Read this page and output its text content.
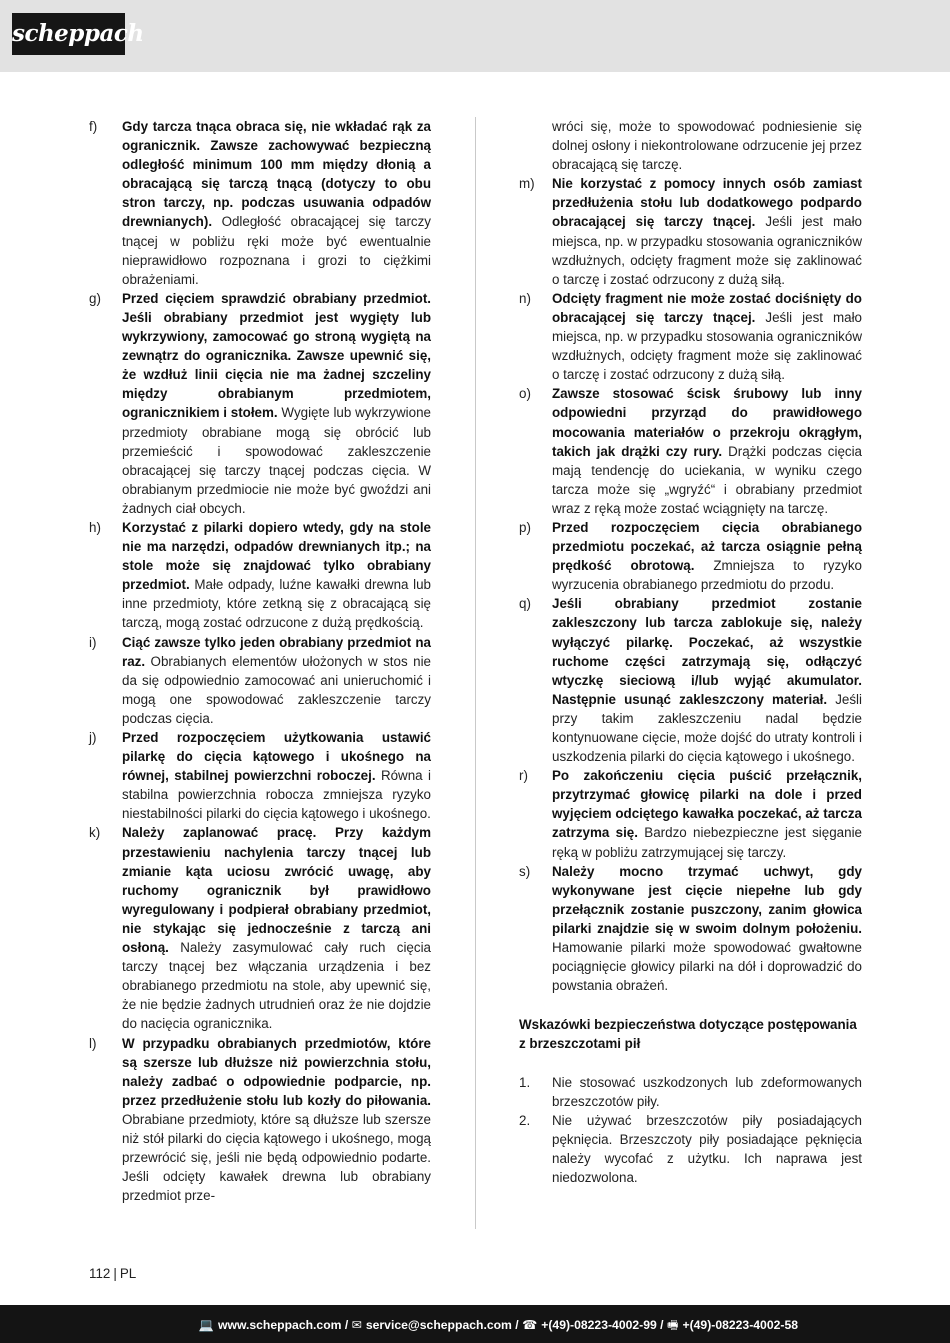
scheppach
f)	Gdy tarcza tnąca obraca się, nie wkładać rąk za ogranicznik. Zawsze zachowywać bezpieczną odległość minimum 100 mm między dłonią a obracającą się tarczą tnącą (dotyczy to obu stron tarczy, np. podczas usuwania odpadów drewnianych). Odległość obracającej się tarczy tnącej w pobliżu ręki może być ewentualnie nieprawidłowo rozpoznana i grozi to ciężkimi obrażeniami.
g)	Przed cięciem sprawdzić obrabiany przedmiot. Jeśli obrabiany przedmiot jest wygięty lub wykrzywiony, zamocować go stroną wygiętą na zewnątrz do ogranicznika. Zawsze upewnić się, że wzdłuż linii cięcia nie ma żadnej szczeliny między obrabianym przedmiotem, ogranicznikiem i stołem. Wygięte lub wykrzywione przedmioty obrabiane mogą się obrócić lub przemieścić i spowodować zakleszczenie obracającej się tarczy tnącej podczas cięcia. W obrabianym przedmiocie nie może być gwoździ ani żadnych ciał obcych.
h)	Korzystać z pilarki dopiero wtedy, gdy na stole nie ma narzędzi, odpadów drewnianych itp.; na stole może się znajdować tylko obrabiany przedmiot. Małe odpady, luźne kawałki drewna lub inne przedmioty, które zetkną się z obracającą się tarczą, mogą zostać odrzucone z dużą prędkością.
i)	Ciąć zawsze tylko jeden obrabiany przedmiot na raz. Obrabianych elementów ułożonych w stos nie da się odpowiednio zamocować ani unieruchomić i mogą one spowodować zakleszczenie tarczy podczas cięcia.
j)	Przed rozpoczęciem użytkowania ustawić pilarkę do cięcia kątowego i ukośnego na równej, stabilnej powierzchni roboczej. Równa i stabilna powierzchnia robocza zmniejsza ryzyko niestabilności pilarki do cięcia kątowego i ukośnego.
k)	Należy zaplanować pracę. Przy każdym przestawieniu nachylenia tarczy tnącej lub zmianie kąta uciosu zwrócić uwagę, aby ruchomy ogranicznik był prawidłowo wyregulowany i podpierał obrabiany przedmiot, nie stykając się jednocześnie z tarczą ani osłoną. Należy zasymulować cały ruch cięcia tarczy tnącej bez włączania urządzenia i bez obrabianego przedmiotu na stole, aby upewnić się, że nie będzie żadnych utrudnień oraz że nie dojdzie do nacięcia ogranicznika.
l)	W przypadku obrabianych przedmiotów, które są szersze lub dłuższe niż powierzchnia stołu, należy zadbać o odpowiednie podparcie, np. przez przedłużenie stołu lub kozły do piłowania. Obrabiane przedmioty, które są dłuższe lub szersze niż stół pilarki do cięcia kątowego i ukośnego, mogą przewrócić się, jeśli nie będą odpowiednio podarte. Jeśli odcięty kawałek drewna lub obrabiany przedmiot prze-
wróci się, może to spowodować podniesienie się dolnej osłony i niekontrolowane odrzucenie jej przez obracającą się tarczę.
m)	Nie korzystać z pomocy innych osób zamiast przedłużenia stołu lub dodatkowego podpardo obracającej się tarczy tnącej. Jeśli jest mało miejsca, np. w przypadku stosowania ograniczników wzdłużnych, odcięty fragment może się zaklinować o tarczę i zostać odrzucony z dużą siłą.
n)	Odcięty fragment nie może zostać dociśnięty do obracającej się tarczy tnącej. Jeśli jest mało miejsca, np. w przypadku stosowania ograniczników wzdłużnych, odcięty fragment może się zaklinować o tarczę i zostać odrzucony z dużą siłą.
o)	Zawsze stosować ścisk śrubowy lub inny odpowiedni przyrząd do prawidłowego mocowania materiałów o przekroju okrągłym, takich jak drążki czy rury. Drążki podczas cięcia mają tendencję do uciekania, w wyniku czego tarcza może się „wgryźć“ i obrabiany przedmiot wraz z ręką może zostać wciągnięty na tarczę.
p)	Przed rozpoczęciem cięcia obrabianego przedmiotu poczekać, aż tarcza osiągnie pełną prędkość obrotową. Zmniejsza to ryzyko wyrzucenia obrabianego przedmiotu do przodu.
q)	Jeśli obrabiany przedmiot zostanie zakleszczony lub tarcza zablokuje się, należy wyłączyć pilarkę. Poczekać, aż wszystkie ruchome części zatrzymają się, odłączyć wtyczkę sieciową i/lub wyjąć akumulator. Następnie usunąć zakleszczony materiał. Jeśli przy takim zakleszczeniu nadal będzie kontynuowane cięcie, może dojść do utraty kontroli i uszkodzenia pilarki do cięcia kątowego i ukośnego.
r)	Po zakończeniu cięcia puścić przełącznik, przytrzymać głowicę pilarki na dole i przed wyjęciem odciętego kawałka poczekać, aż tarcza zatrzyma się. Bardzo niebezpieczne jest sięganie ręką w pobliżu zatrzymującej się tarczy.
s)	Należy mocno trzymać uchwyt, gdy wykonywane jest cięcie niepełne lub gdy przełącznik zostanie puszczony, zanim głowica pilarki znajdzie się w swoim dolnym położeniu. Hamowanie pilarki może spowodować gwałtowne pociągnięcie głowicy pilarki na dół i doprowadzić do powstania obrażeń.
Wskazówki bezpieczeństwa dotyczące postępowania z brzeszczotami pił
1.	Nie stosować uszkodzonych lub zdeformowanych brzeszczotów piły.
2.	Nie używać brzeszczotów piły posiadających pęknięcia. Brzeszczoty piły posiadające pęknięcia należy wycofać z użytku. Ich naprawa jest niedozwolona.
112 | PL
💻 www.scheppach.com / ✉ service@scheppach.com / ☎ +(49)-08223-4002-99 / 🖷 +(49)-08223-4002-58
